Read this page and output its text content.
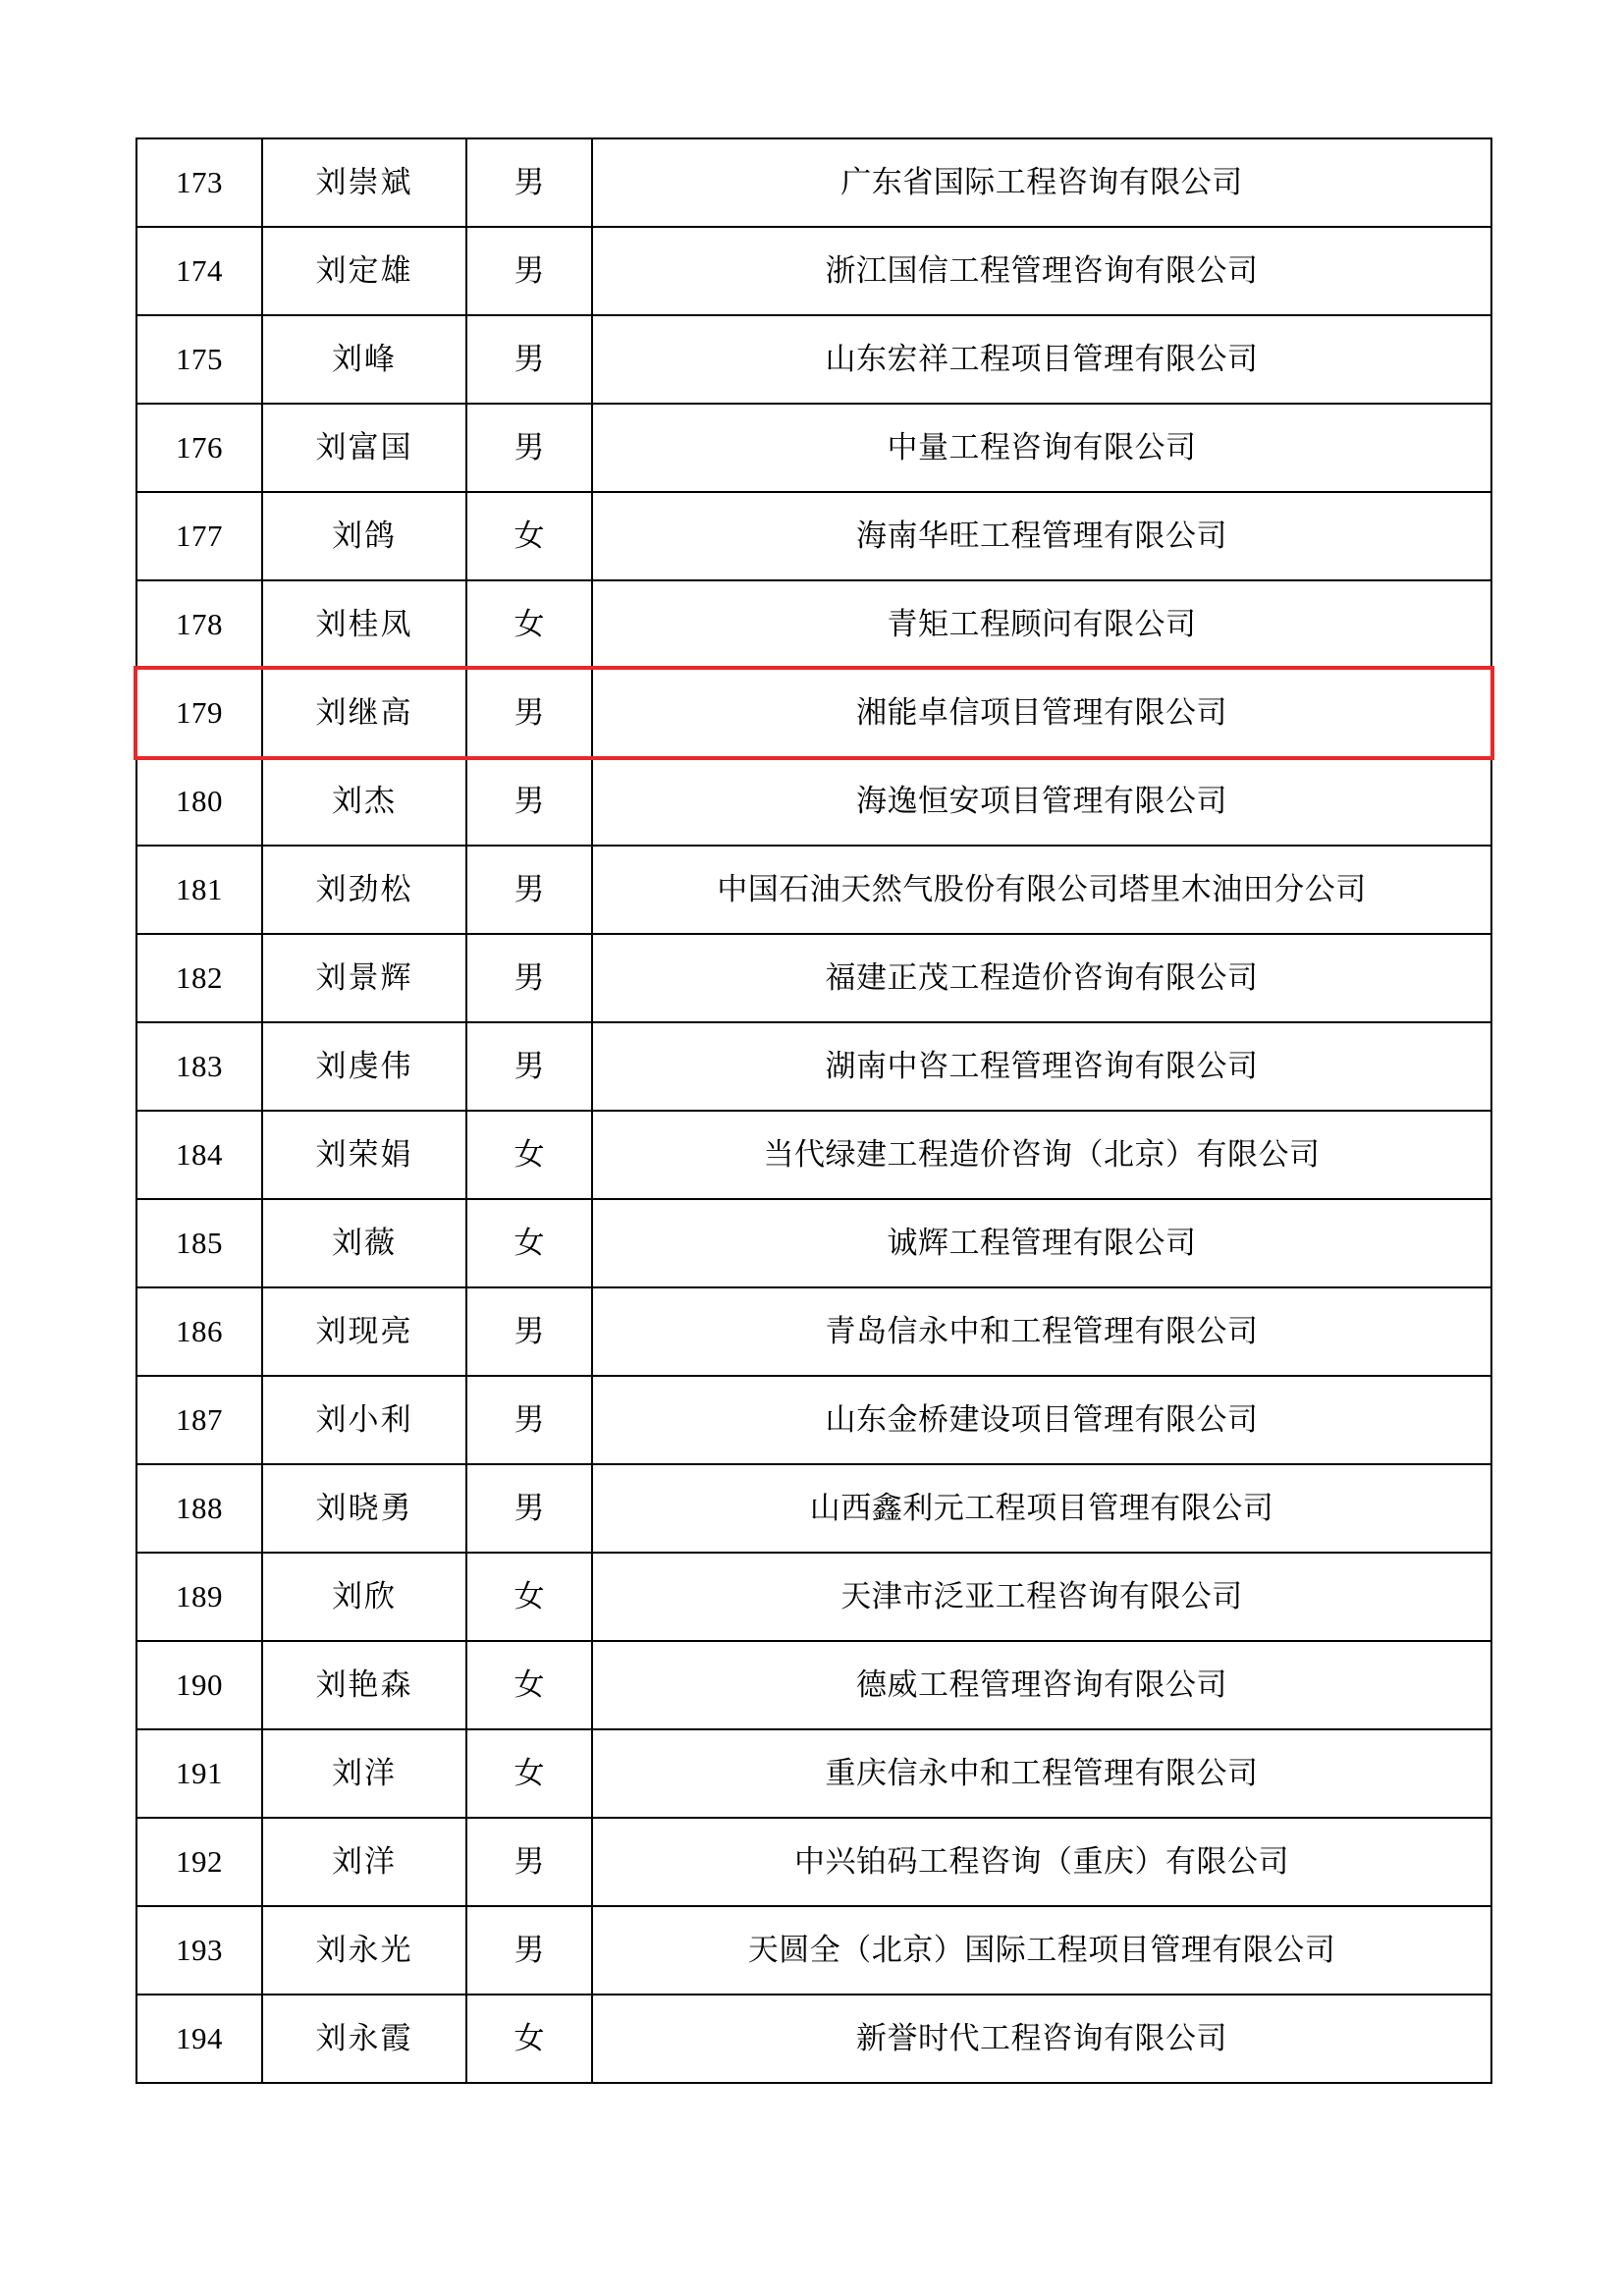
173	刘崇斌	男	广东省国际工程咨询有限公司
174	刘定雄	男	浙江国信工程管理咨询有限公司
175	刘峰	男	山东宏祥工程项目管理有限公司
176	刘富国	男	中量工程咨询有限公司
177	刘鸽	女	海南华旺工程管理有限公司
178	刘桂凤	女	青矩工程顾问有限公司
179	刘继高	男	湘能卓信项目管理有限公司
180	刘杰	男	海逸恒安项目管理有限公司
181	刘劲松	男	中国石油天然气股份有限公司塔里木油田分公司
182	刘景辉	男	福建正茂工程造价咨询有限公司
183	刘虔伟	男	湖南中咨工程管理咨询有限公司
184	刘荣娟	女	当代绿建工程造价咨询（北京）有限公司
185	刘薇	女	诚辉工程管理有限公司
186	刘现亮	男	青岛信永中和工程管理有限公司
187	刘小利	男	山东金桥建设项目管理有限公司
188	刘晓勇	男	山西鑫利元工程项目管理有限公司
189	刘欣	女	天津市泛亚工程咨询有限公司
190	刘艳森	女	德威工程管理咨询有限公司
191	刘洋	女	重庆信永中和工程管理有限公司
192	刘洋	男	中兴铂码工程咨询（重庆）有限公司
193	刘永光	男	天圆全（北京）国际工程项目管理有限公司
194	刘永霞	女	新誉时代工程咨询有限公司
